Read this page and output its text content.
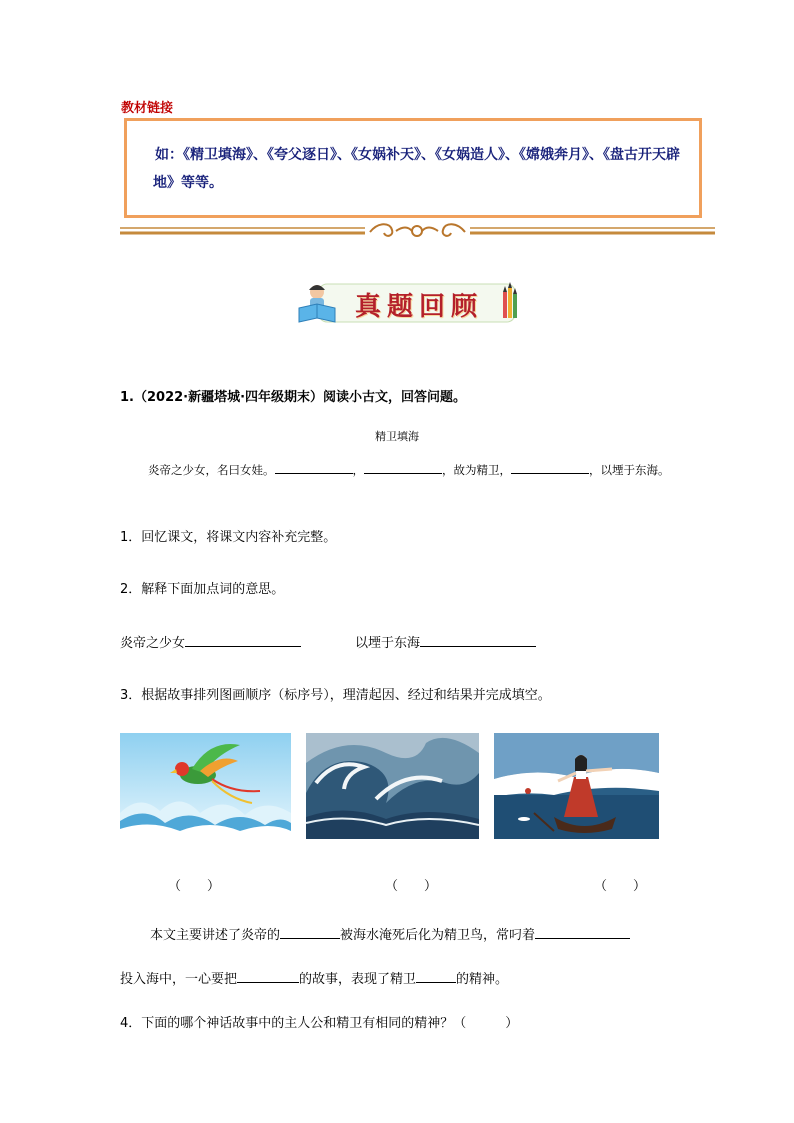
教材链接
如：《精卫填海》、《夸父逐日》、《女娲补天》、《女娲造人》、《嫦娥奔月》、《盘古开天辟地》等等。
真题回顾
1.（2022·新疆塔城·四年级期末）阅读小古文，回答问题。
精卫填海
炎帝之少女，名曰女娃。	，	，故为精卫，	，以堙于东海。
1．回忆课文，将课文内容补充完整。
2．解释下面加点词的意思。
炎帝之少女	以堙于东海
3．根据故事排列图画顺序（标序号），理清起因、经过和结果并完成填空。
（　　）	（　　）	（　　）
本文主要讲述了炎帝的	被海水淹死后化为精卫鸟，常叼着投入海中，一心要把	的故事，表现了精卫	的精神。
4．下面的哪个神话故事中的主人公和精卫有相同的精神？（　　　）
